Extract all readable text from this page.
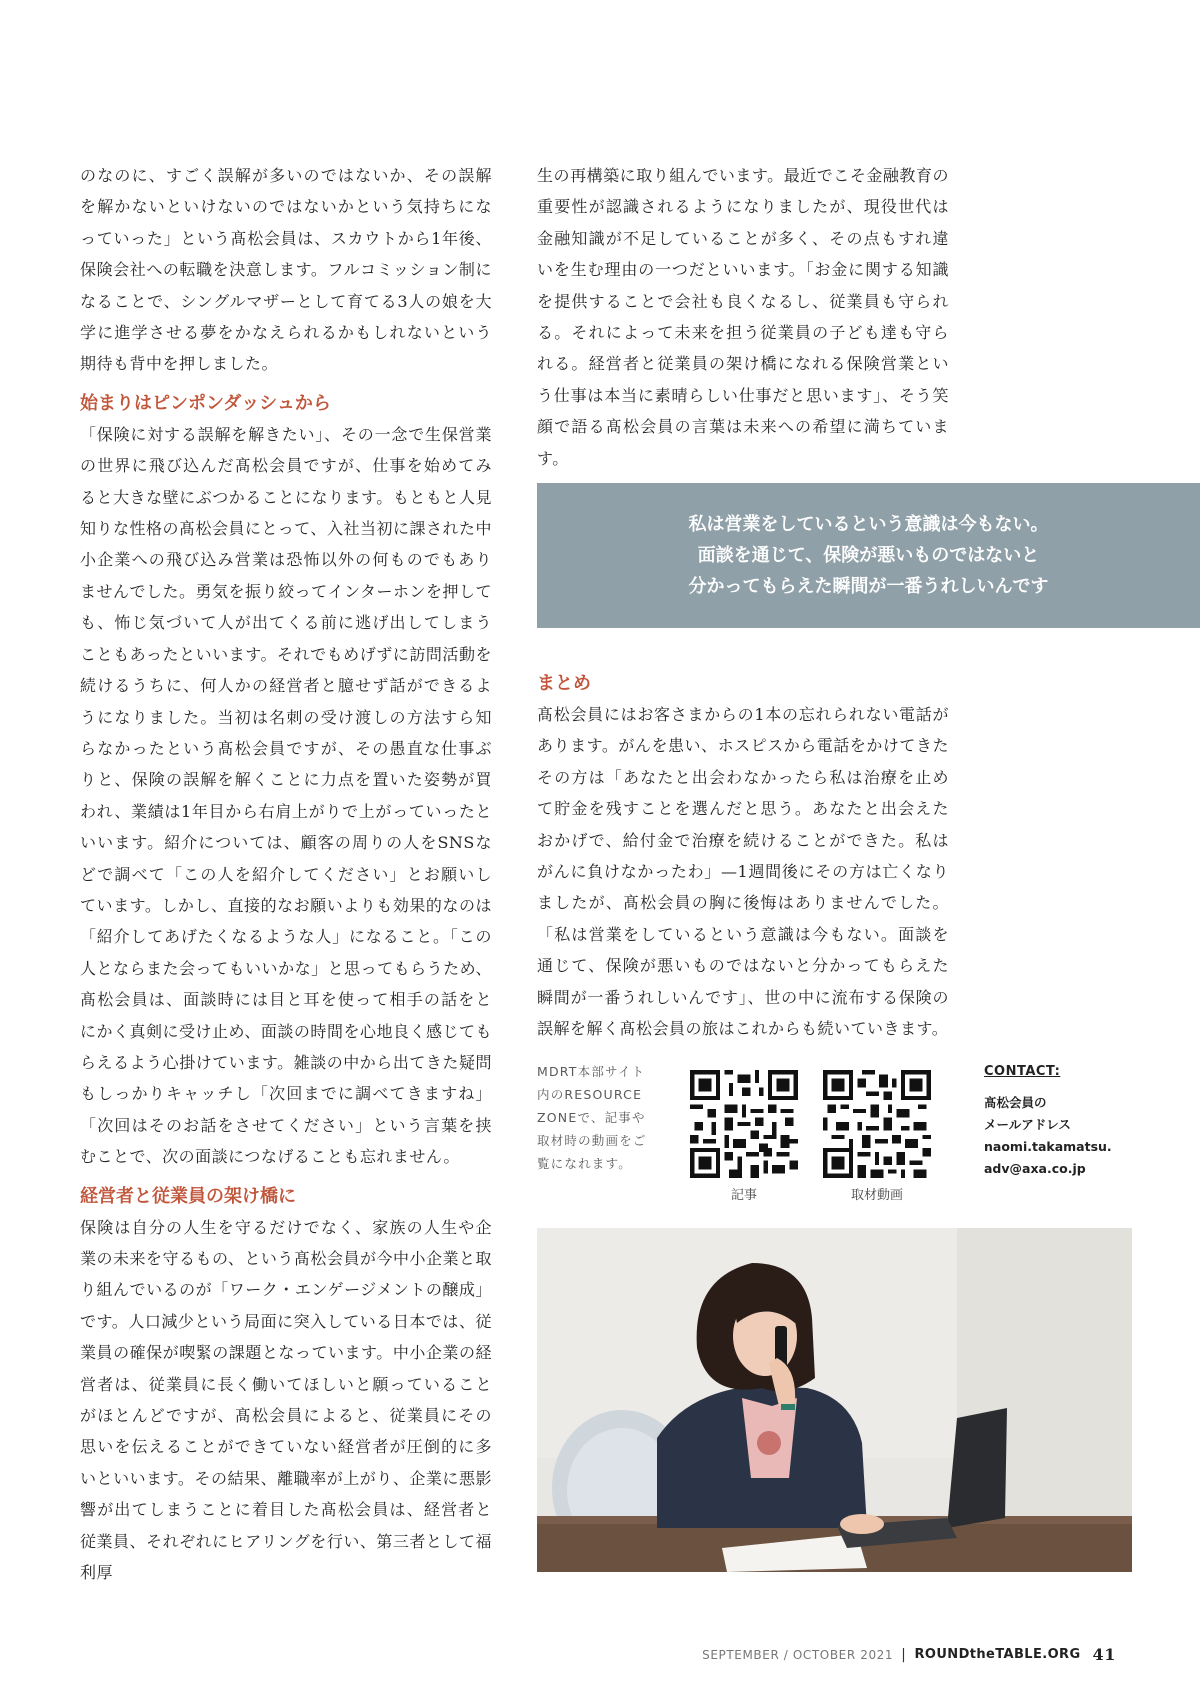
のなのに、すごく誤解が多いのではないか、その誤解を解かないといけないのではないかという気持ちになっていった」という髙松会員は、スカウトから1年後、保険会社への転職を決意します。フルコミッション制になることで、シングルマザーとして育てる3人の娘を大学に進学させる夢をかなえられるかもしれないという期待も背中を押しました。

始まりはピンポンダッシュから

「保険に対する誤解を解きたい」、その一念で生保営業の世界に飛び込んだ髙松会員ですが、仕事を始めてみると大きな壁にぶつかることになります。もともと人見知りな性格の髙松会員にとって、入社当初に課された中小企業への飛び込み営業は恐怖以外の何ものでもありませんでした。勇気を振り絞ってインターホンを押しても、怖じ気づいて人が出てくる前に逃げ出してしまうこともあったといいます。それでもめげずに訪問活動を続けるうちに、何人かの経営者と臆せず話ができるようになりました。当初は名刺の受け渡しの方法すら知らなかったという髙松会員ですが、その愚直な仕事ぶりと、保険の誤解を解くことに力点を置いた姿勢が買われ、業績は1年目から右肩上がりで上がっていったといいます。紹介については、顧客の周りの人をSNSなどで調べて「この人を紹介してください」とお願いしています。しかし、直接的なお願いよりも効果的なのは「紹介してあげたくなるような人」になること。「この人とならまた会ってもいいかな」と思ってもらうため、髙松会員は、面談時には目と耳を使って相手の話をとにかく真剣に受け止め、面談の時間を心地良く感じてもらえるよう心掛けています。雑談の中から出てきた疑問もしっかりキャッチし「次回までに調べてきますね」「次回はそのお話をさせてください」という言葉を挟むことで、次の面談につなげることも忘れません。

経営者と従業員の架け橋に

保険は自分の人生を守るだけでなく、家族の人生や企業の未来を守るもの、という髙松会員が今中小企業と取り組んでいるのが「ワーク・エンゲージメントの醸成」です。人口減少という局面に突入している日本では、従業員の確保が喫緊の課題となっています。中小企業の経営者は、従業員に長く働いてほしいと願っていることがほとんどですが、髙松会員によると、従業員にその思いを伝えることができていない経営者が圧倒的に多いといいます。その結果、離職率が上がり、企業に悪影響が出てしまうことに着目した髙松会員は、経営者と従業員、それぞれにヒアリングを行い、第三者として福利厚

生の再構築に取り組んでいます。最近でこそ金融教育の重要性が認識されるようになりましたが、現役世代は金融知識が不足していることが多く、その点もすれ違いを生む理由の一つだといいます。「お金に関する知識を提供することで会社も良くなるし、従業員も守られる。それによって未来を担う従業員の子ども達も守られる。経営者と従業員の架け橋になれる保険営業という仕事は本当に素晴らしい仕事だと思います」、そう笑顔で語る髙松会員の言葉は未来への希望に満ちています。

私は営業をしているという意識は今もない。
面談を通じて、保険が悪いものではないと
分かってもらえた瞬間が一番うれしいんです
まとめ

髙松会員にはお客さまからの1本の忘れられない電話があります。がんを患い、ホスピスから電話をかけてきたその方は「あなたと出会わなかったら私は治療を止めて貯金を残すことを選んだと思う。あなたと出会えたおかげで、給付金で治療を続けることができた。私はがんに負けなかったわ」—1週間後にその方は亡くなりましたが、髙松会員の胸に後悔はありませんでした。「私は営業をしているという意識は今もない。面談を通じて、保険が悪いものではないと分かってもらえた瞬間が一番うれしいんです」、世の中に流布する保険の誤解を解く髙松会員の旅はこれからも続いていきます。

MDRT本部サイト内のRESOURCE ZONEで、記事や取材時の動画をご覧になれます。

記事	取材動画
CONTACT:

髙松会員の

メールアドレス

naomi.takamatsu.

adv@axa.co.jp

SEPTEMBER / OCTOBER 2021 | ROUNDtheTABLE.ORG 41
